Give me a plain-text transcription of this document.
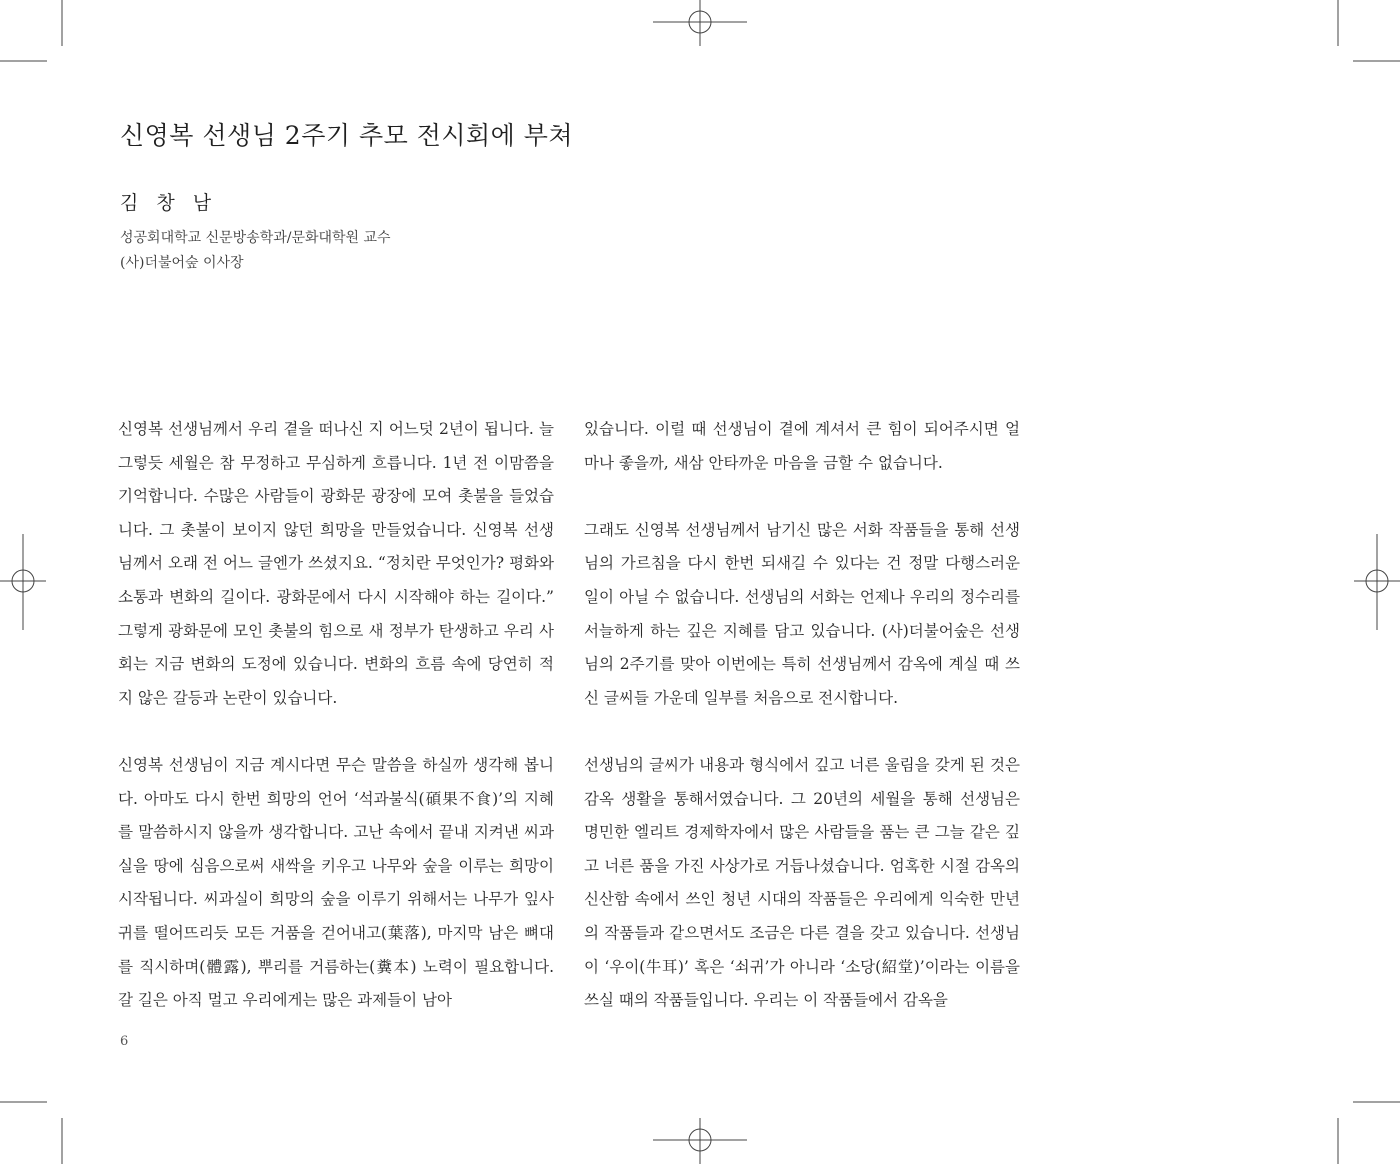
신영복 선생님 2주기 추모 전시회에 부쳐
김 창 남
성공회대학교 신문방송학과/문화대학원 교수
(사)더불어숲 이사장

신영복 선생님께서 우리 곁을 떠나신 지 어느덧 2년이 됩니다. 늘 그렇듯 세월은 참 무정하고 무심하게 흐릅니다. 1년 전 이맘쯤을 기억합니다. 수많은 사람들이 광화문 광장에 모여 촛불을 들었습니다. 그 촛불이 보이지 않던 희망을 만들었습니다. 신영복 선생님께서 오래 전 어느 글엔가 쓰셨지요. “정치란 무엇인가? 평화와 소통과 변화의 길이다. 광화문에서 다시 시작해야 하는 길이다.” 그렇게 광화문에 모인 촛불의 힘으로 새 정부가 탄생하고 우리 사회는 지금 변화의 도정에 있습니다. 변화의 흐름 속에 당연히 적지 않은 갈등과 논란이 있습니다.

신영복 선생님이 지금 계시다면 무슨 말씀을 하실까 생각해 봅니다. 아마도 다시 한번 희망의 언어 ‘석과불식(碩果不食)’의 지혜를 말씀하시지 않을까 생각합니다. 고난 속에서 끝내 지켜낸 씨과실을 땅에 심음으로써 새싹을 키우고 나무와 숲을 이루는 희망이 시작됩니다. 씨과실이 희망의 숲을 이루기 위해서는 나무가 잎사귀를 떨어뜨리듯 모든 거품을 걷어내고(葉落), 마지막 남은 뼈대를 직시하며(體露), 뿌리를 거름하는(糞本) 노력이 필요합니다. 갈 길은 아직 멀고 우리에게는 많은 과제들이 남아

있습니다. 이럴 때 선생님이 곁에 계셔서 큰 힘이 되어주시면 얼마나 좋을까, 새삼 안타까운 마음을 금할 수 없습니다.

그래도 신영복 선생님께서 남기신 많은 서화 작품들을 통해 선생님의 가르침을 다시 한번 되새길 수 있다는 건 정말 다행스러운 일이 아닐 수 없습니다. 선생님의 서화는 언제나 우리의 정수리를 서늘하게 하는 깊은 지혜를 담고 있습니다. (사)더불어숲은 선생님의 2주기를 맞아 이번에는 특히 선생님께서 감옥에 계실 때 쓰신 글씨들 가운데 일부를 처음으로 전시합니다.

선생님의 글씨가 내용과 형식에서 깊고 너른 울림을 갖게 된 것은 감옥 생활을 통해서였습니다. 그 20년의 세월을 통해 선생님은 명민한 엘리트 경제학자에서 많은 사람들을 품는 큰 그늘 같은 깊고 너른 품을 가진 사상가로 거듭나셨습니다. 엄혹한 시절 감옥의 신산함 속에서 쓰인 청년 시대의 작품들은 우리에게 익숙한 만년의 작품들과 같으면서도 조금은 다른 결을 갖고 있습니다. 선생님이 ‘우이(牛耳)’ 혹은 ‘쇠귀’가 아니라 ‘소당(紹堂)’이라는 이름을 쓰실 때의 작품들입니다. 우리는 이 작품들에서 감옥을

6
